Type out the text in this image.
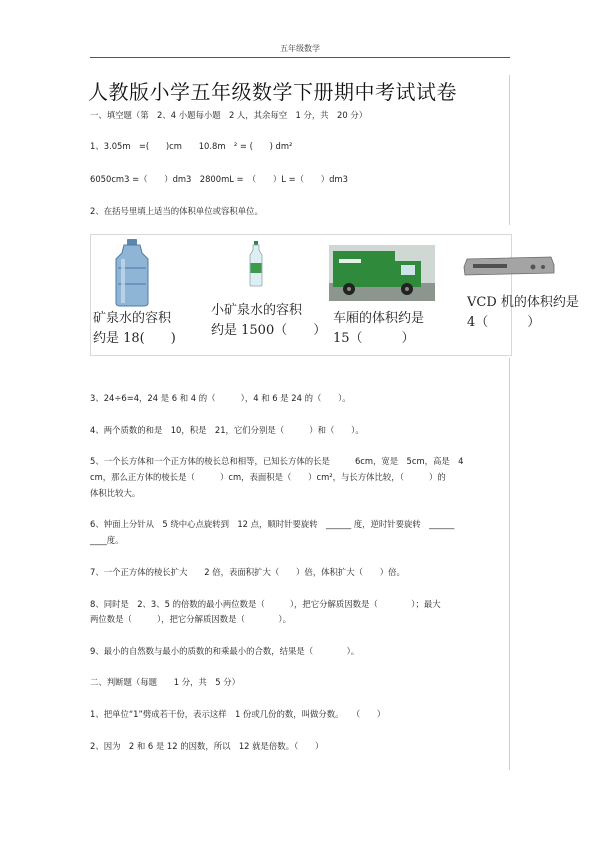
五年级数学
人教版小学五年级数学下册期中考试试卷
一、填空题（第　2、4 小题每小题　2 人，其余每空　1 分，共　20 分）
1、3.05m　=(　　)cm　　10.8m　² = (　　) dm²
6050cm3 =（　　）dm3　2800mL =　（　　）L =（　　）dm3
2、在括号里填上适当的体积单位或容积单位。
矿泉水的容积
约是 18(　　)
小矿泉水的容积
约是 1500（　　）
车厢的体积约是
15（　　　）
VCD 机的体积约是
4（　　　）
3、24÷6=4，24 是 6 和 4 的（　　　），4 和 6 是 24 的（　　）。
4、两个质数的和是　10，积是　21，它们分别是（　　　）和（　　）。
5、一个长方体和一个正方体的棱长总和相等，已知长方体的长是　　　6cm，宽是　5cm，高是　4
cm，那么正方体的棱长是（　　　）cm，表面积是（　　）cm²，与长方体比较，（　　　）的
体积比较大。
6、钟面上分针从　5 绕中心点旋转到　12 点，顺时针要旋转　______ 度，逆时针要旋转　______
____度。
7、一个正方体的棱长扩大　　2 倍，表面积扩大（　　）倍，体积扩大（　　）倍。
8、同时是　2、3、5 的倍数的最小两位数是（　　　），把它分解质因数是（　　　　）；最大
两位数是（　　　），把它分解质因数是（　　　　）。
9、最小的自然数与最小的质数的和乘最小的合数，结果是（　　　　）。
二、判断题（每题　　1 分，共　5 分）
1、把单位“1”劈成若干份，表示这样　1 份或几份的数，叫做分数。　　（　　）
2、因为　2 和 6 是 12 的因数，所以　12 就是倍数。（　　）
